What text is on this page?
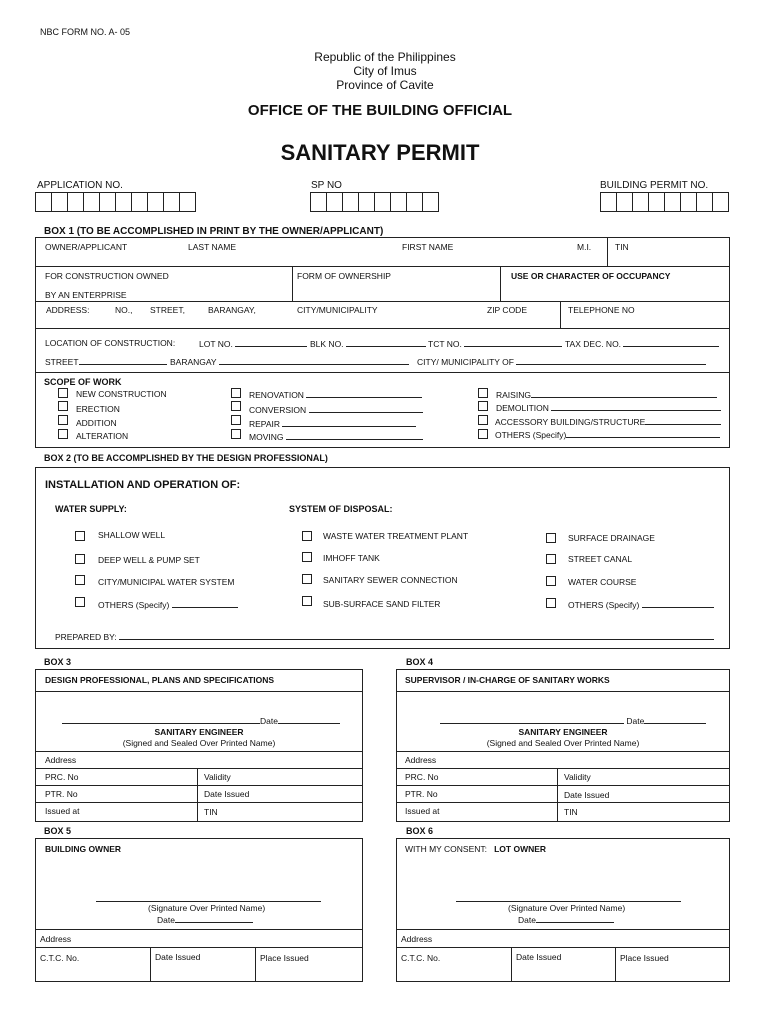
NBC FORM NO. A- 05
Republic of the Philippines
City of Imus
Province of Cavite
OFFICE OF THE BUILDING OFFICIAL
SANITARY PERMIT
APPLICATION NO.	SP NO	BUILDING PERMIT NO.
BOX 1 (TO BE ACCOMPLISHED IN PRINT BY THE OWNER/APPLICANT)
OWNER/APPLICANT	LAST NAME	FIRST NAME	M.I.	TIN
FOR CONSTRUCTION OWNED
BY AN ENTERPRISE
FORM OF OWNERSHIP	USE OR CHARACTER OF OCCUPANCY
ADDRESS:	NO., STREET,	BARANGAY,	CITY/MUNICIPALITY	ZIP CODE	TELEPHONE NO
LOCATION OF CONSTRUCTION:	LOT NO.	BLK NO.	TCT NO.	TAX DEC. NO.
STREET	BARANGAY	CITY/ MUNICIPALITY OF
SCOPE OF WORK
NEW CONSTRUCTION
ERECTION
ADDITION
ALTERATION
RENOVATION
CONVERSION
REPAIR
MOVING
RAISING
DEMOLITION
ACCESSORY BUILDING/STRUCTURE
OTHERS (Specify)
BOX 2 (TO BE ACCOMPLISHED BY THE DESIGN PROFESSIONAL)
INSTALLATION AND OPERATION OF:
WATER SUPPLY:	SYSTEM OF DISPOSAL:
SHALLOW WELL
DEEP WELL & PUMP SET
CITY/MUNICIPAL WATER SYSTEM
OTHERS (Specify)
WASTE WATER TREATMENT PLANT
IMHOFF TANK
SANITARY SEWER CONNECTION
SUB-SURFACE SAND FILTER
SURFACE DRAINAGE
STREET CANAL
WATER COURSE
OTHERS (Specify)
PREPARED BY:
BOX 3
DESIGN PROFESSIONAL, PLANS AND SPECIFICATIONS
Date
SANITARY ENGINEER
(Signed and Sealed Over Printed Name)
Address
PRC. No	Validity
PTR. No	Date Issued
Issued at	TIN
BOX 4
SUPERVISOR / IN-CHARGE OF SANITARY WORKS
Date
SANITARY ENGINEER
(Signed and Sealed Over Printed Name)
Address
PRC. No	Validity
PTR. No	Date Issued
Issued at	TIN
BOX 5
BUILDING OWNER
(Signature Over Printed Name)
Date
Address
C.T.C. No.	Date Issued	Place Issued
BOX 6
WITH MY CONSENT: LOT OWNER
(Signature Over Printed Name)
Date
Address
C.T.C. No.	Date Issued	Place Issued
